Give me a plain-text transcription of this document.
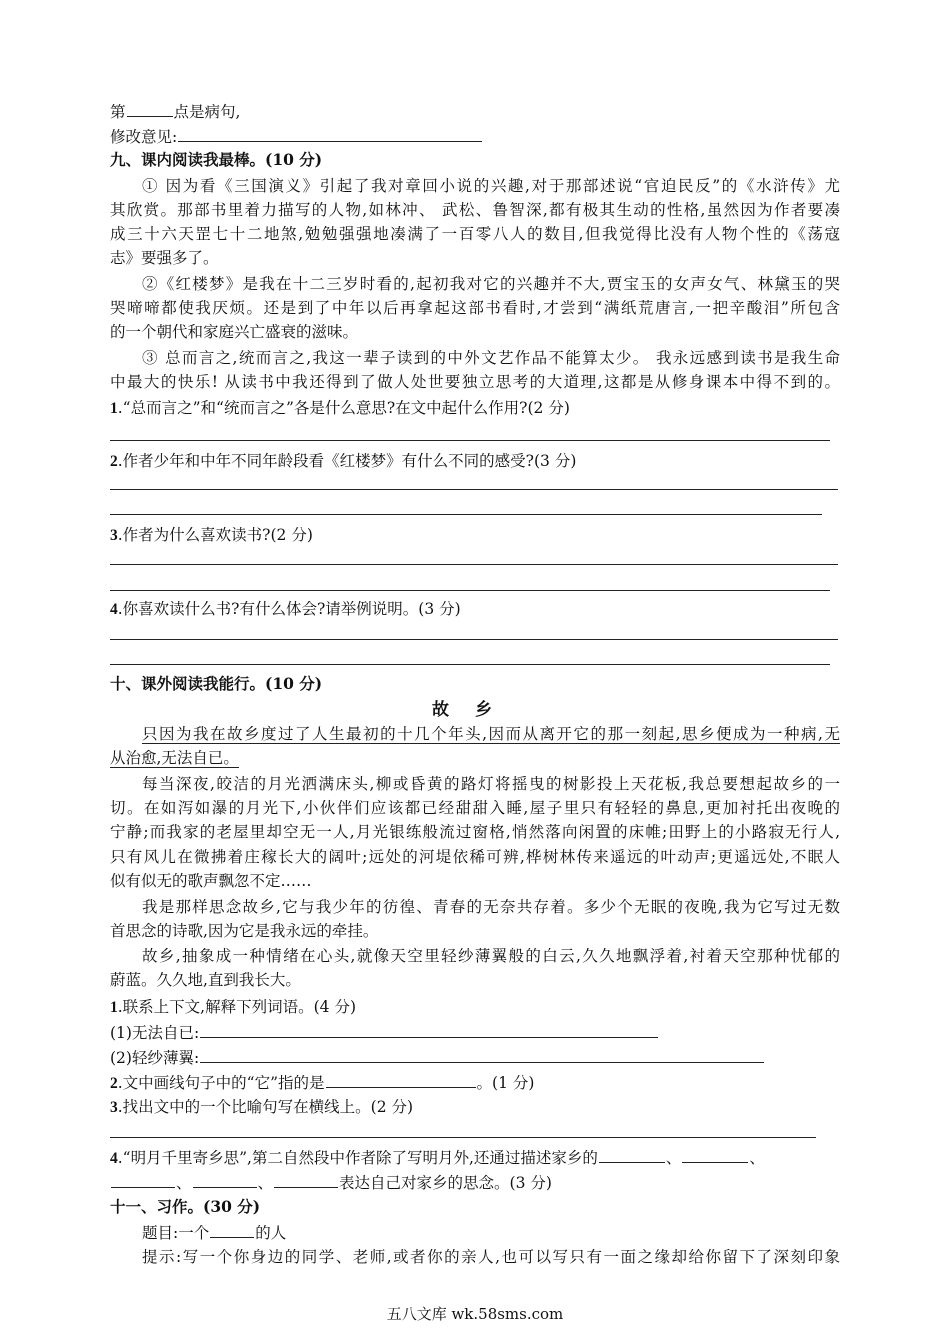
第	点是病句,
修改意见:
九、课内阅读我最棒。(10 分)
① 因为看《三国演义》引起了我对章回小说的兴趣,对于那部述说“官迫民反”的《水浒传》尤
其欣赏。那部书里着力描写的人物,如林冲、 武松、鲁智深,都有极其生动的性格,虽然因为作者要凑
成三十六天罡七十二地煞,勉勉强强地凑满了一百零八人的数目,但我觉得比没有人物个性的《荡寇
志》要强多了。
②《红楼梦》是我在十二三岁时看的,起初我对它的兴趣并不大,贾宝玉的女声女气、林黛玉的哭
哭啼啼都使我厌烦。还是到了中年以后再拿起这部书看时,才尝到“满纸荒唐言,一把辛酸泪”所包含
的一个朝代和家庭兴亡盛衰的滋味。
③ 总而言之,统而言之,我这一辈子读到的中外文艺作品不能算太少。 我永远感到读书是我生命
中最大的快乐! 从读书中我还得到了做人处世要独立思考的大道理,这都是从修身课本中得不到的。
1.“总而言之”和“统而言之”各是什么意思?在文中起什么作用?(2 分)
2.作者少年和中年不同年龄段看《红楼梦》有什么不同的感受?(3 分)
3.作者为什么喜欢读书?(2 分)
4.你喜欢读什么书?有什么体会?请举例说明。(3 分)
十、课外阅读我能行。(10 分)
故乡
只因为我在故乡度过了人生最初的十几个年头,因而从离开它的那一刻起,思乡便成为一种病,无
从治愈,无法自已。
每当深夜,皎洁的月光洒满床头,柳或昏黄的路灯将摇曳的树影投上天花板,我总要想起故乡的一
切。在如泻如瀑的月光下,小伙伴们应该都已经甜甜入睡,屋子里只有轻轻的鼻息,更加衬托出夜晚的
宁静;而我家的老屋里却空无一人,月光银练般流过窗格,悄然落向闲置的床帷;田野上的小路寂无行人,
只有风儿在微拂着庄稼长大的阔叶;远处的河堤依稀可辨,桦树林传来遥远的叶动声;更遥远处,不眠人
似有似无的歌声飘忽不定……
我是那样思念故乡,它与我少年的彷徨、青春的无奈共存着。多少个无眠的夜晚,我为它写过无数
首思念的诗歌,因为它是我永远的牵挂。
故乡,抽象成一种情绪在心头,就像天空里轻纱薄翼般的白云,久久地飘浮着,衬着天空那种忧郁的
蔚蓝。久久地,直到我长大。
1.联系上下文,解释下列词语。(4 分)
(1)无法自已:
(2)轻纱薄翼:
2.文中画线句子中的“它”指的是	。(1 分)
3.找出文中的一个比喻句写在横线上。(2 分)
4.“明月千里寄乡思”,第二自然段中作者除了写明月外,还通过描述家乡的	、	、
、	、	表达自己对家乡的思念。(3 分)
十一、习作。(30 分)
题目:一个	的人
提示:写一个你身边的同学、老师,或者你的亲人,也可以写只有一面之缘却给你留下了深刻印象
五八文库 wk.58sms.com
